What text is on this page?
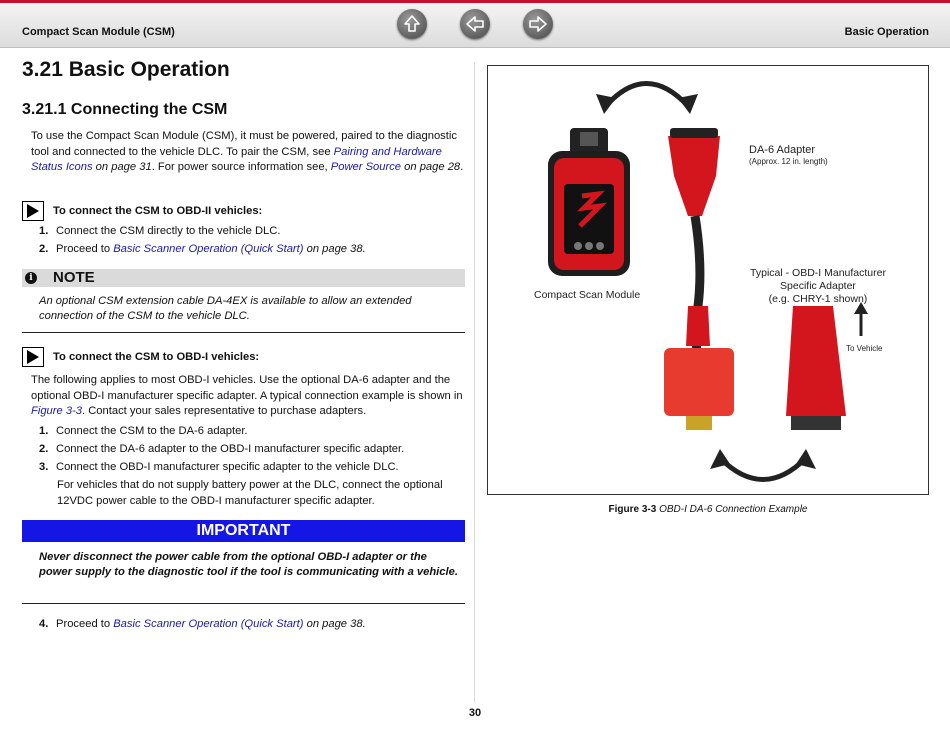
Compact Scan Module (CSM)	Basic Operation
3.21 Basic Operation
3.21.1 Connecting the CSM
To use the Compact Scan Module (CSM), it must be powered, paired to the diagnostic tool and connected to the vehicle DLC. To pair the CSM, see Pairing and Hardware Status Icons on page 31. For power source information see, Power Source on page 28.
To connect the CSM to OBD-II vehicles:
1. Connect the CSM directly to the vehicle DLC.
2. Proceed to Basic Scanner Operation (Quick Start) on page 38.
i NOTE
An optional CSM extension cable DA-4EX is available to allow an extended connection of the CSM to the vehicle DLC.
To connect the CSM to OBD-I vehicles:
The following applies to most OBD-I vehicles. Use the optional DA-6 adapter and the optional OBD-I manufacturer specific adapter. A typical connection example is shown in Figure 3-3. Contact your sales representative to purchase adapters.
1. Connect the CSM to the DA-6 adapter.
2. Connect the DA-6 adapter to the OBD-I manufacturer specific adapter.
3. Connect the OBD-I manufacturer specific adapter to the vehicle DLC.
For vehicles that do not supply battery power at the DLC, connect the optional 12VDC power cable to the OBD-I manufacturer specific adapter.
IMPORTANT
Never disconnect the power cable from the optional OBD-I adapter or the power supply to the diagnostic tool if the tool is communicating with a vehicle.
4. Proceed to Basic Scanner Operation (Quick Start) on page 38.
DA-6 Adapter
(Approx. 12 in. length)
Compact Scan Module
Typical - OBD-I Manufacturer
Specific Adapter
(e.g. CHRY-1 shown)
To Vehicle
Figure 3-3 OBD-I DA-6 Connection Example
30
